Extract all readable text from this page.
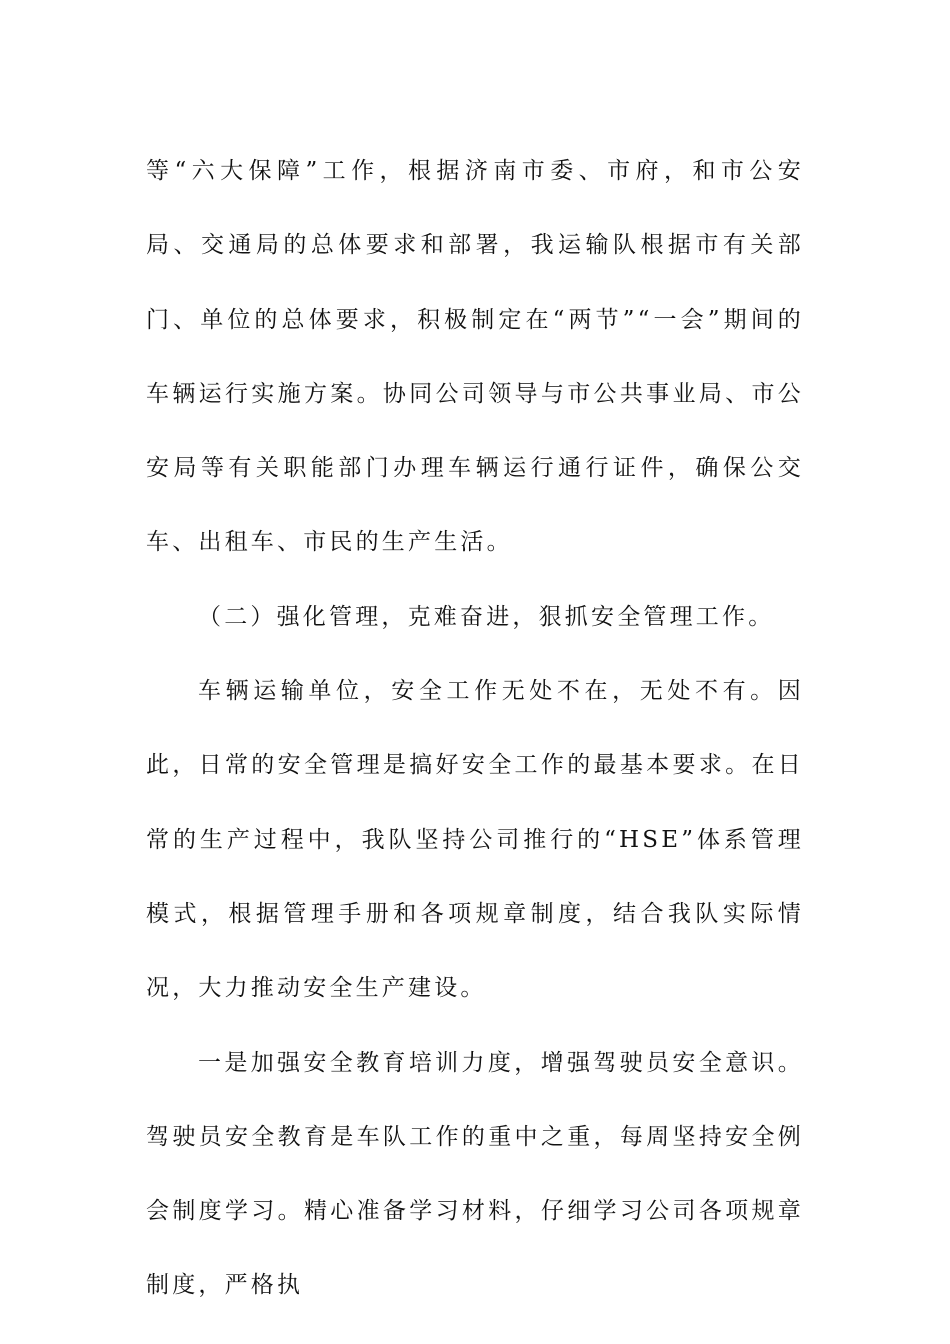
等“六大保障”工作，根据济南市委、市府，和市公安局、交通局的总体要求和部署，我运输队根据市有关部门、单位的总体要求，积极制定在“两节”“一会”期间的车辆运行实施方案。协同公司领导与市公共事业局、市公安局等有关职能部门办理车辆运行通行证件，确保公交车、出租车、市民的生产生活。

（二）强化管理，克难奋进，狠抓安全管理工作。

车辆运输单位，安全工作无处不在，无处不有。因此，日常的安全管理是搞好安全工作的最基本要求。在日常的生产过程中，我队坚持公司推行的“HSE”体系管理模式，根据管理手册和各项规章制度，结合我队实际情况，大力推动安全生产建设。

一是加强安全教育培训力度，增强驾驶员安全意识。驾驶员安全教育是车队工作的重中之重，每周坚持安全例会制度学习。精心准备学习材料，仔细学习公司各项规章制度，严格执
